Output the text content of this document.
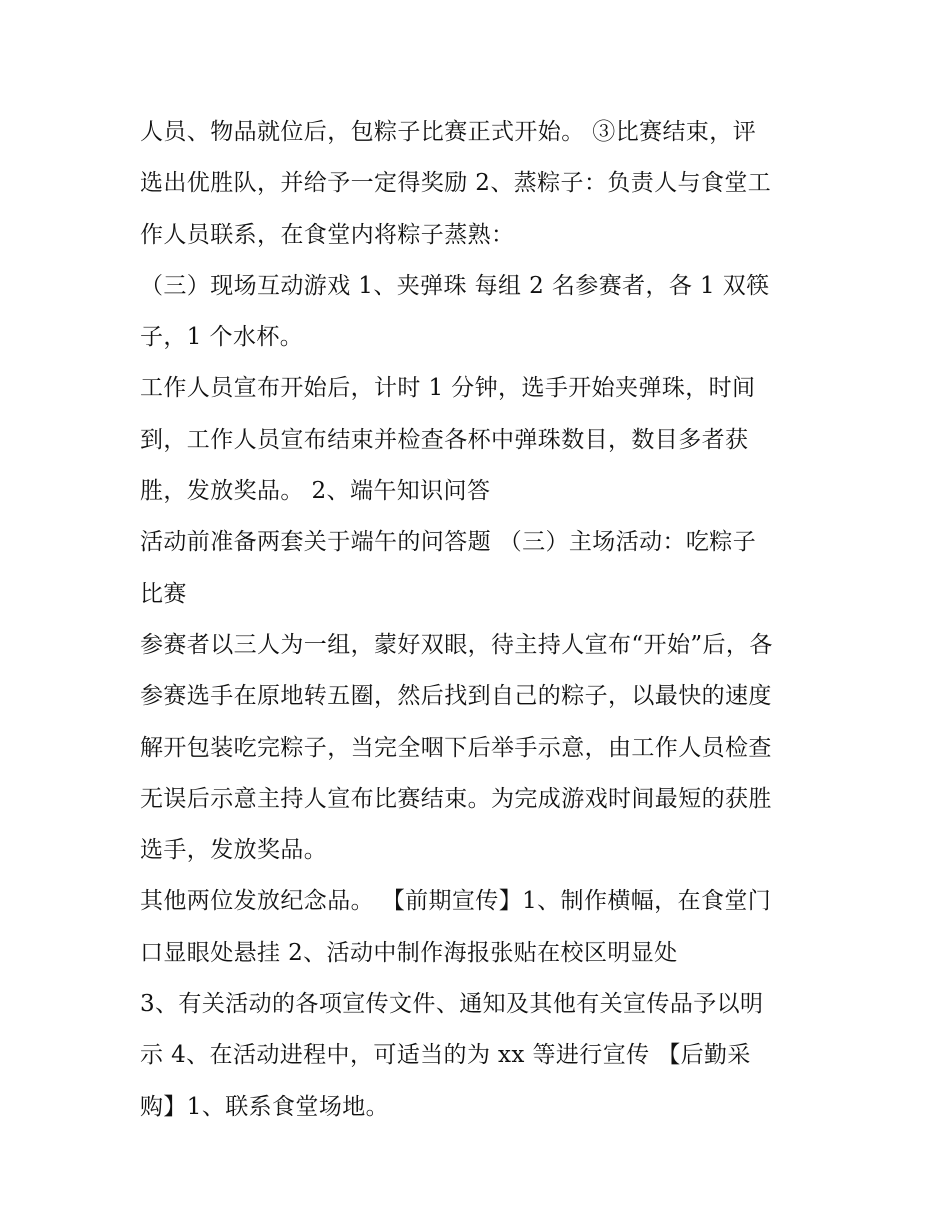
人员、物品就位后，包粽子比赛正式开始。 ③比赛结束，评
选出优胜队，并给予一定得奖励 2、蒸粽子：负责人与食堂工
作人员联系，在食堂内将粽子蒸熟：
（三）现场互动游戏 1、夹弹珠 每组 2 名参赛者，各 1 双筷
子，1 个水杯。
工作人员宣布开始后，计时 1 分钟，选手开始夹弹珠，时间
到，工作人员宣布结束并检查各杯中弹珠数目，数目多者获
胜，发放奖品。 2、端午知识问答
活动前准备两套关于端午的问答题 （三）主场活动：吃粽子
比赛
参赛者以三人为一组，蒙好双眼，待主持人宣布“开始”后，各
参赛选手在原地转五圈，然后找到自己的粽子，以最快的速度
解开包装吃完粽子，当完全咽下后举手示意，由工作人员检查
无误后示意主持人宣布比赛结束。为完成游戏时间最短的获胜
选手，发放奖品。
其他两位发放纪念品。 【前期宣传】1、制作横幅，在食堂门
口显眼处悬挂 2、活动中制作海报张贴在校区明显处
3、有关活动的各项宣传文件、通知及其他有关宣传品予以明
示 4、在活动进程中，可适当的为 xx 等进行宣传 【后勤采
购】1、联系食堂场地。
